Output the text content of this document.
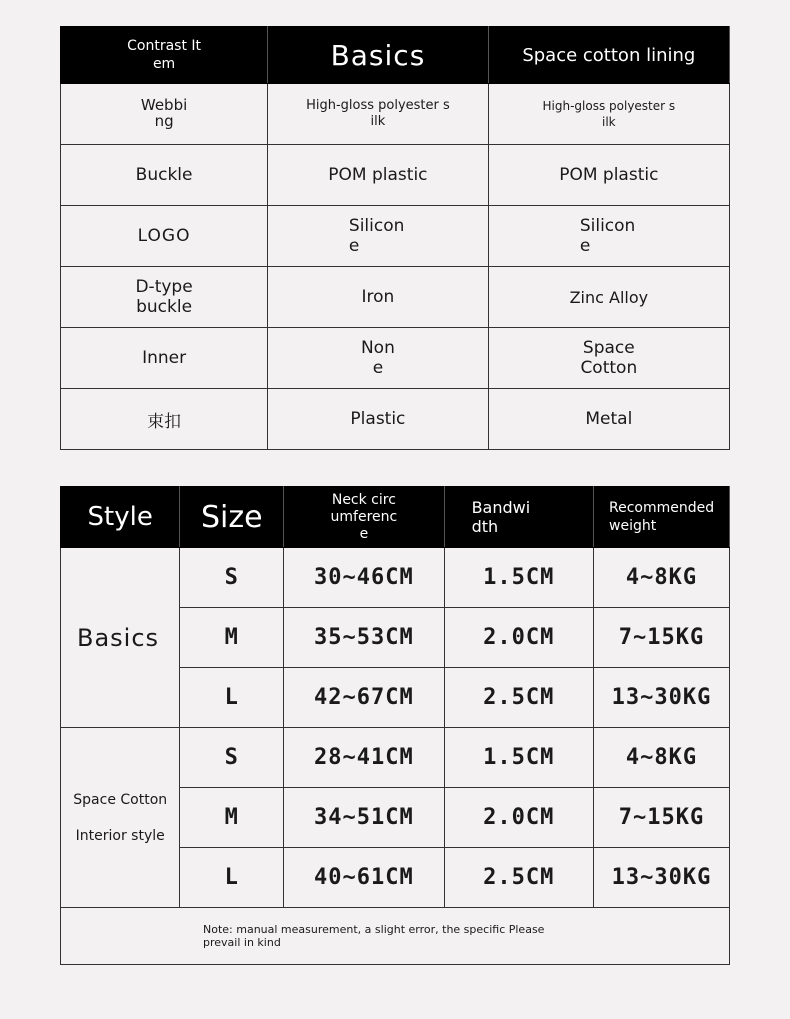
Contrast Item	Basics	Space cotton lining
Webbing	High-gloss polyester silk	High-gloss polyester silk
Buckle	POM plastic	POM plastic
LOGO	Silicone	Silicone
D-type buckle	Iron	Zinc Alloy
Inner	None	Space Cotton
束扣	Plastic	Metal
Style	Size	Neck circumference	Bandwidth	Recommended weight
Basics	S	30~46CM	1.5CM	4~8KG
	M	35~53CM	2.0CM	7~15KG
	L	42~67CM	2.5CM	13~30KG

Space Cotton
Interior style	S	28~41CM	1.5CM	4~8KG
	M	34~51CM	2.0CM	7~15KG
	L	40~61CM	2.5CM	13~30KG

Note: manual measurement, a slight error, the specific Please prevail in kind				
